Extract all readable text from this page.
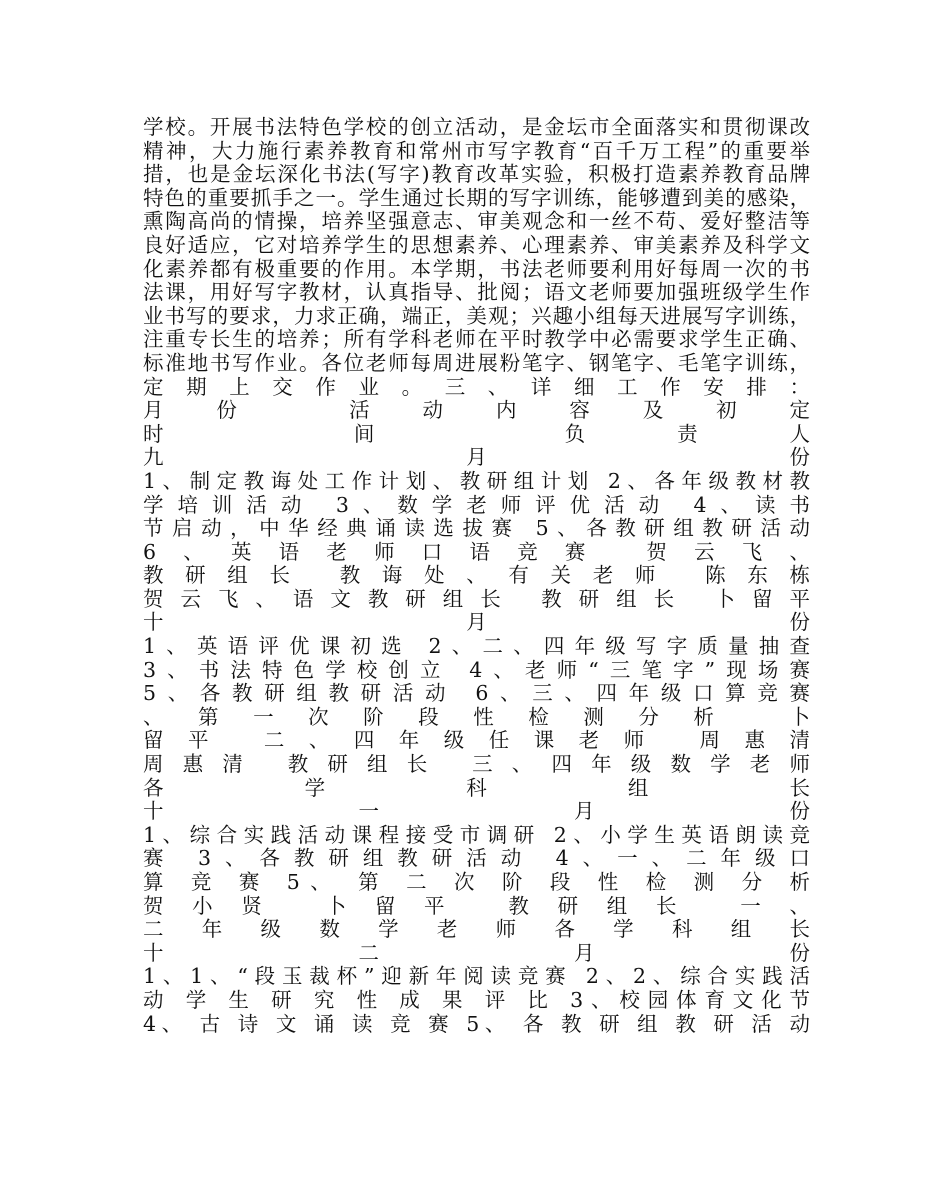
学校。开展书法特色学校的创立活动，是金坛市全面落实和贯彻课改
精神，大力施行素养教育和常州市写字教育“百千万工程”的重要举
措，也是金坛深化书法(写字)教育改革实验，积极打造素养教育品牌
特色的重要抓手之一。学生通过长期的写字训练，能够遭到美的感染，
熏陶高尚的情操，培养坚强意志、审美观念和一丝不苟、爱好整洁等
良好适应，它对培养学生的思想素养、心理素养、审美素养及科学文
化素养都有极重要的作用。本学期，书法老师要利用好每周一次的书
法课，用好写字教材，认真指导、批阅；语文老师要加强班级学生作
业书写的要求，力求正确，端正，美观；兴趣小组每天进展写字训练，
注重专长生的培养；所有学科老师在平时教学中必需要求学生正确、
标准地书写作业。各位老师每周进展粉笔字、钢笔字、毛笔字训练，
定 期 上 交 作 业 。 三 、 详 细 工 作 安 排 ：
月份 活动内容及初定
时 间 负责人
九 月 份
1、制定教诲处工作计划、教研组计划 2、各年级教材教
学培训活动 3、数学老师评优活动 4、读书
节启动，中华经典诵读选拔赛 5、各教研组教研活动
6、英语老师口语竞赛 贺云飞、
教研组长 教诲处、有关老师 陈东栋
贺云飞、语文教研组长 教研组长 卜留平
十 月 份
1、英语评优课初选 2、二、四年级写字质量抽查
3、书法特色学校创立 4、老师“三笔字”现场赛
5、各教研组教研活动 6、三、四年级口算竞赛
、第一次阶段性检测分析 卜
留平 二、四年级任课老师 周惠清
周惠清 教研组长 三、四年级数学老师
各 学 科 组 长
十 一 月 份
1、综合实践活动课程接受市调研 2、小学生英语朗读竞
赛 3、各教研组教研活动 4、一、二年级口
算 竞 赛 5、 第 二 次 阶 段 性 检 测 分 析
贺小贤 卜留平 教研组长 一、
二 年 级 数 学 老 师 各 学 科 组 长
十 二 月 份
1、1、“段玉裁杯”迎新年阅读竞赛 2、2、综合实践活
动 学 生 研 究 性 成 果 评 比 3、校园体育文化节
4、 古 诗 文 诵 读 竞 赛 5、 各 教 研 组 教 研 活 动
